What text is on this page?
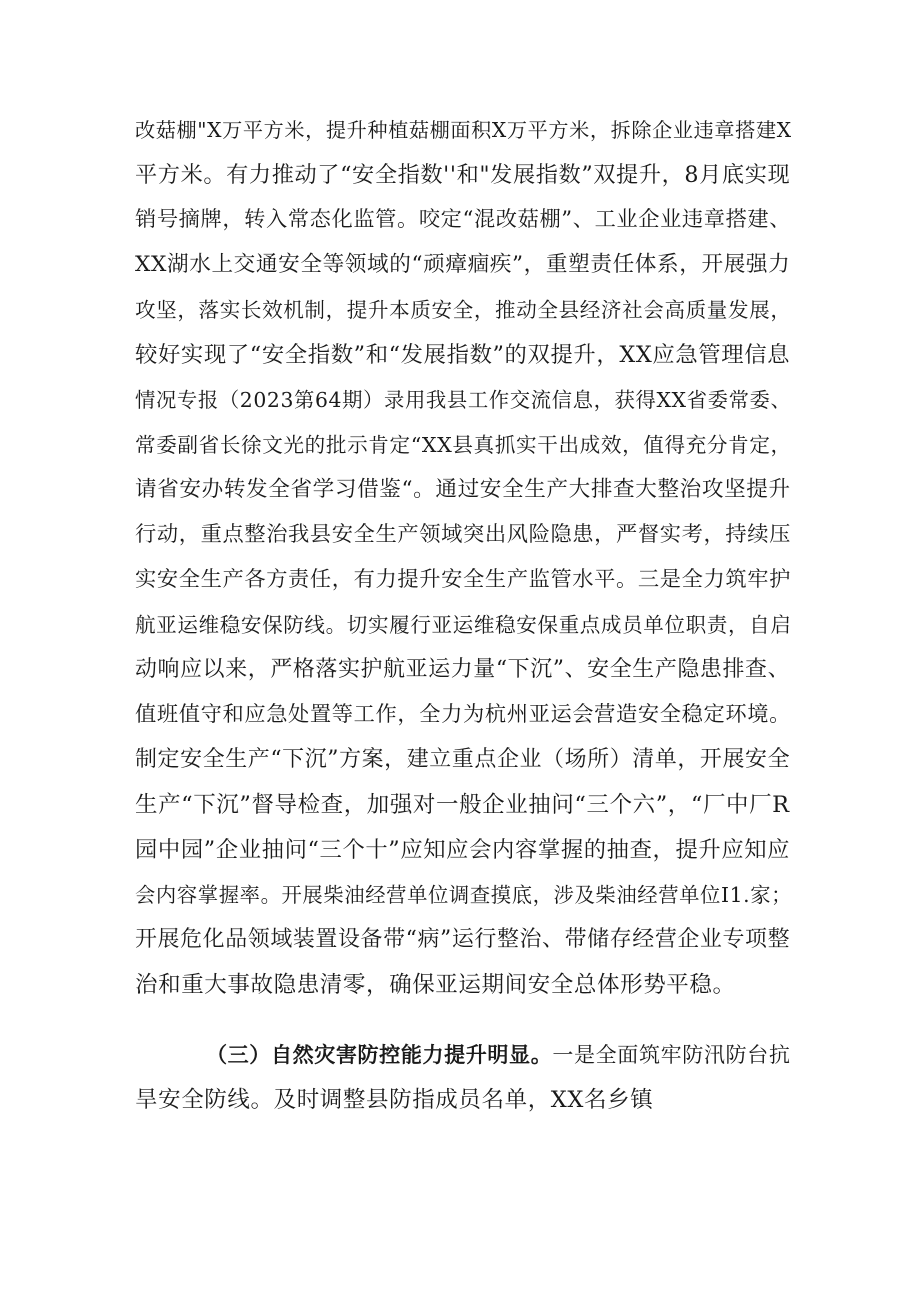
改菇棚"X万平方米，提升种植菇棚面积X万平方米，拆除企业违章搭建X
平方米。有力推动了“安全指数''和"发展指数”双提升，8月底实现
销号摘牌，转入常态化监管。咬定“混改菇棚”、工业企业违章搭建、
XX湖水上交通安全等领域的“顽瘴痼疾”，重塑责任体系，开展强力
攻坚，落实长效机制，提升本质安全，推动全县经济社会高质量发展，
较好实现了“安全指数”和“发展指数”的双提升，XX应急管理信息
情况专报（2023第64期）录用我县工作交流信息，获得XX省委常委、
常委副省长徐文光的批示肯定“XX县真抓实干出成效，值得充分肯定，
请省安办转发全省学习借鉴“。通过安全生产大排查大整治攻坚提升
行动，重点整治我县安全生产领域突出风险隐患，严督实考，持续压
实安全生产各方责任，有力提升安全生产监管水平。三是全力筑牢护
航亚运维稳安保防线。切实履行亚运维稳安保重点成员单位职责，自启
动响应以来，严格落实护航亚运力量“下沉”、安全生产隐患排查、
值班值守和应急处置等工作，全力为杭州亚运会营造安全稳定环境。
制定安全生产“下沉”方案，建立重点企业（场所）清单，开展安全
生产“下沉”督导检查，加强对一般企业抽问“三个六”，“厂中厂R
园中园”企业抽问“三个十”应知应会内容掌握的抽查，提升应知应
会内容掌握率。开展柴油经营单位调查摸底，涉及柴油经营单位I1.家；
开展危化品领域装置设备带“病”运行整治、带储存经营企业专项整
治和重大事故隐患清零，确保亚运期间安全总体形势平稳。
（三）自然灾害防控能力提升明显。一是全面筑牢防汛防台抗
旱安全防线。及时调整县防指成员名单，XX名乡镇
